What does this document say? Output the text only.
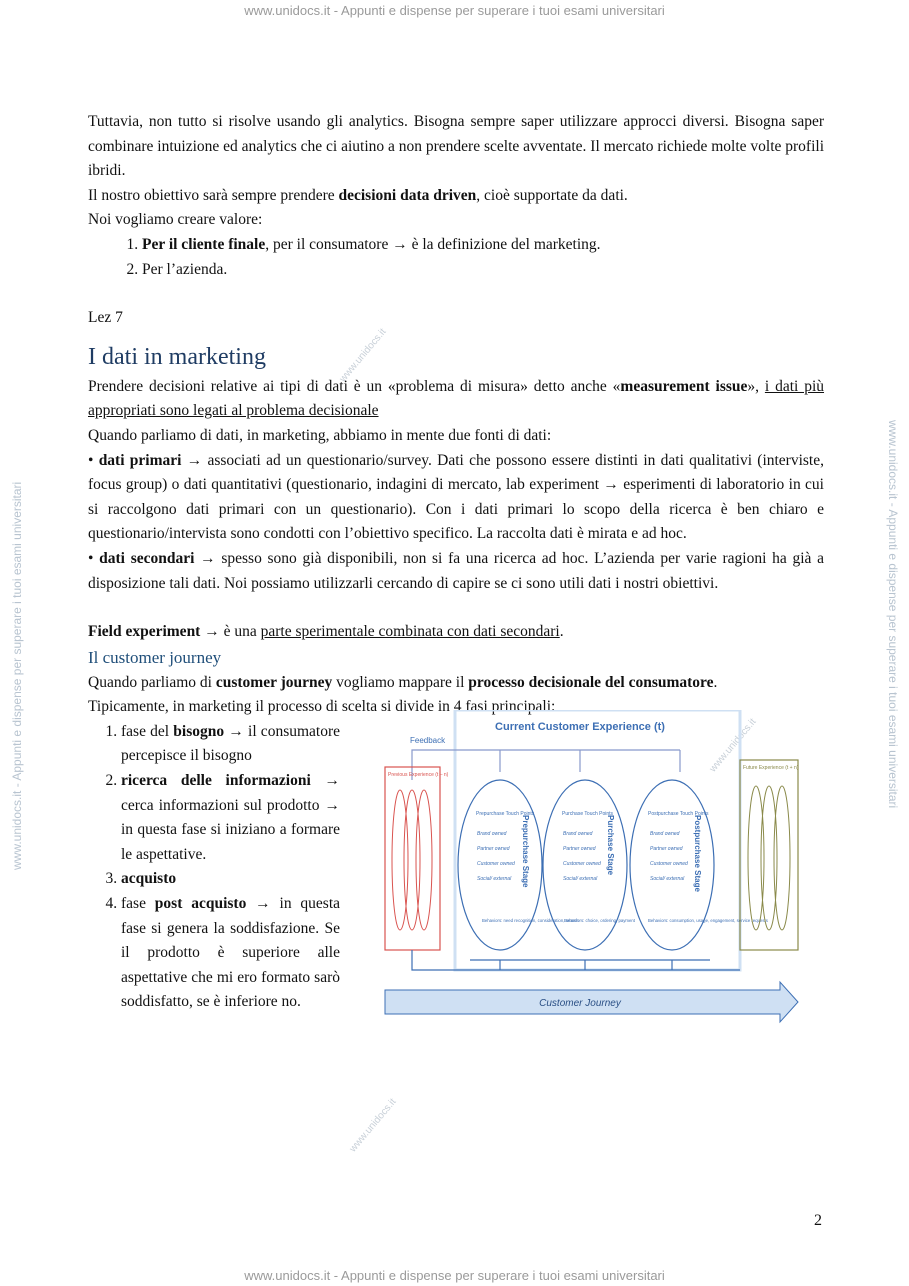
www.unidocs.it - Appunti e dispense per superare i tuoi esami universitari
www.unidocs.it - Appunti e dispense per superare i tuoi esami universitari	www.unidocs.it - Appunti e dispense per superare i tuoi esami universitari
www.unidocs.it
www.unidocs.it
www.unidocs.it

Tuttavia, non tutto si risolve usando gli analytics. Bisogna sempre saper utilizzare approcci diversi. Bisogna saper combinare intuizione ed analytics che ci aiutino a non prendere scelte avventate. Il mercato richiede molte volte profili ibridi.

Il nostro obiettivo sarà sempre prendere decisioni data driven, cioè supportate da dati.

Noi vogliamo creare valore:

1. Per il cliente finale, per il consumatore → è la definizione del marketing.
2. Per l’azienda.

Lez 7

I dati in marketing

Prendere decisioni relative ai tipi di dati è un «problema di misura» detto anche «measurement issue», i dati più appropriati sono legati al problema decisionale

Quando parliamo di dati, in marketing, abbiamo in mente due fonti di dati:

• dati primari → associati ad un questionario/survey. Dati che possono essere distinti in dati qualitativi (interviste, focus group) o dati quantitativi (questionario, indagini di mercato, lab experiment → esperimenti di laboratorio in cui si raccolgono dati primari con un questionario). Con i dati primari lo scopo della ricerca è ben chiaro e questionario/intervista sono condotti con l’obiettivo specifico. La raccolta dati è mirata e ad hoc.

• dati secondari → spesso sono già disponibili, non si fa una ricerca ad hoc. L’azienda per varie ragioni ha già a disposizione tali dati. Noi possiamo utilizzarli cercando di capire se ci sono utili dati i nostri obiettivi.

Field experiment → è una parte sperimentale combinata con dati secondari.

Il customer journey

Quando parliamo di customer journey vogliamo mappare il processo decisionale del consumatore.

Tipicamente, in marketing il processo di scelta si divide in 4 fasi principali:

1. fase del bisogno → il consumatore percepisce il bisogno
2. ricerca delle informazioni → cerca informazioni sul prodotto → in questa fase si iniziano a formare le aspettative.
3. acquisto
4. fase post acquisto → in questa fase si genera la soddisfazione. Se il prodotto è superiore alle aspettative che mi ero formato sarò soddisfatto, se è inferiore no.
Current Customer Experience (t)
Feedback
Previous Experience (t – n)
Prepurchase Touch Points	Purchase Touch Points	Postpurchase Touch Points
Brand owned
Partner owned
Customer owned
Social/ external
Brand owned
Partner owned
Customer owned
Social/ external
Brand owned
Partner owned
Customer owned
Social/ external
Prepurchase Stage	Purchase Stage	Postpurchase Stage
Behaviors: need recognition, consideration, search
Behaviors: choice, ordering, payment	Behaviors: consumption, usage, engagement, service requests
Future Experience (t + n)
Customer Journey
2
www.unidocs.it - Appunti e dispense per superare i tuoi esami universitari
